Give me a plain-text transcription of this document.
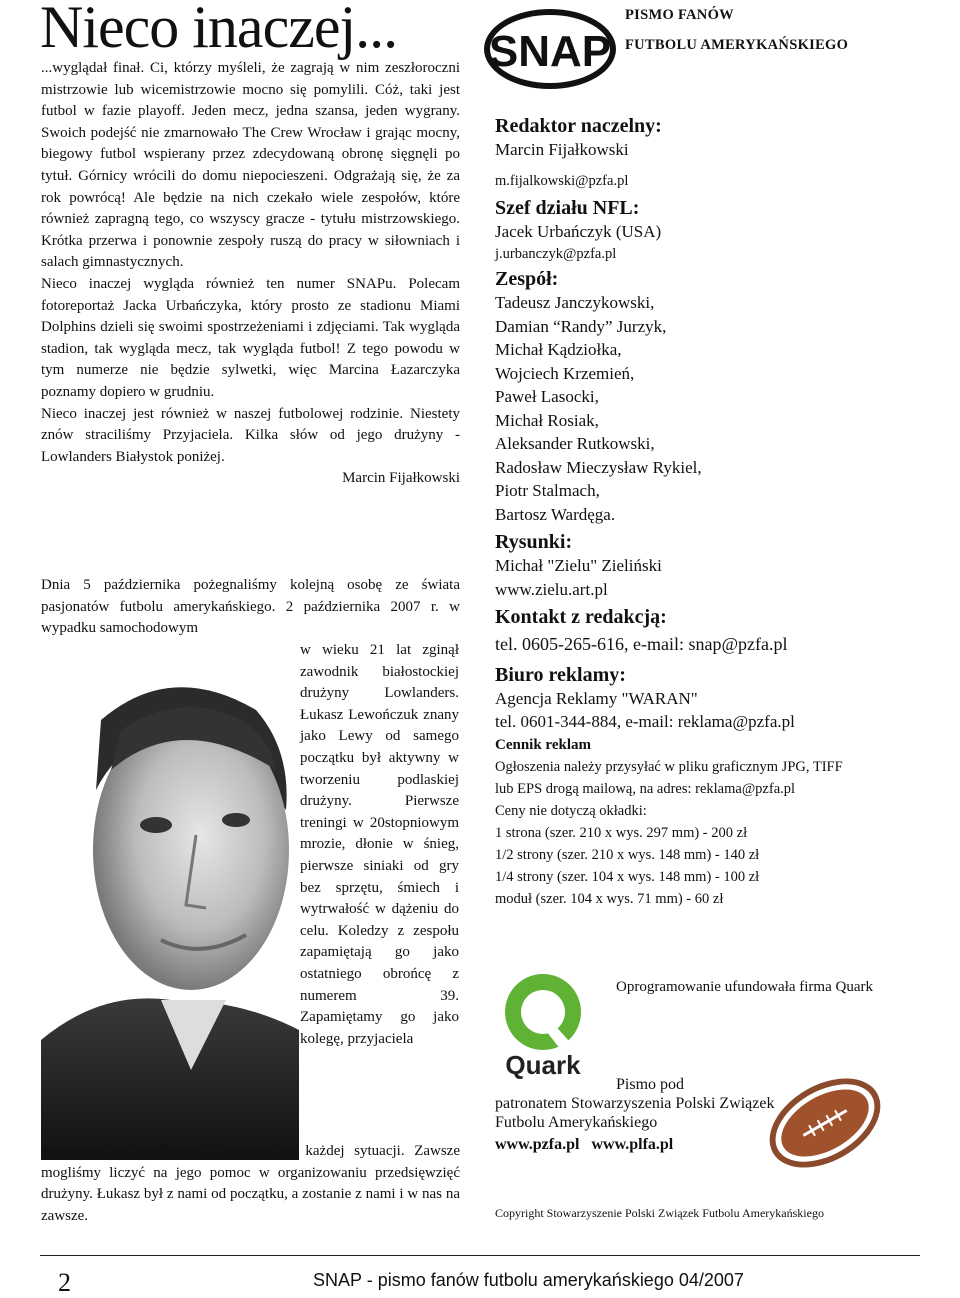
Nieco inaczej...

...wyglądał finał. Ci, którzy myśleli, że zagrają w nim zeszłoroczni mistrzowie lub wicemistrzowie mocno się pomylili. Cóż, taki jest futbol w fazie playoff. Jeden mecz, jedna szansa, jeden wygrany. Swoich podejść nie zmarnowało The Crew Wrocław i grając mocny, biegowy futbol wspierany przez zdecydowaną obronę sięgnęli po tytuł. Górnicy wrócili do domu niepocieszeni. Odgrażają się, że za rok powrócą! Ale będzie na nich czekało wiele zespołów, które również zapragną tego, co wszyscy gracze - tytułu mistrzowskiego. Krótka przerwa i ponownie zespoły ruszą do pracy w siłowniach i salach gimnastycznych.

Nieco inaczej wygląda również ten numer SNAPu. Polecam fotoreportaż Jacka Urbańczyka, który prosto ze stadionu Miami Dolphins dzieli się swoimi spostrzeżeniami i zdjęciami. Tak wygląda stadion, tak wygląda mecz, tak wygląda futbol! Z tego powodu w tym numerze nie będzie sylwetki, więc Marcina Łazarczyka poznamy dopiero w grudniu.

Nieco inaczej jest również w naszej futbolowej rodzinie. Niestety znów straciliśmy Przyjaciela. Kilka słów od jego drużyny - Lowlanders Białystok poniżej.

Marcin Fijałkowski

Dnia 5 października pożegnaliśmy kolejną osobę ze świata pasjonatów futbolu amerykańskiego. 2 października 2007 r. w wypadku samochodowym
w wieku 21 lat zginął zawodnik białostockiej drużyny Lowlanders. Łukasz Lewończuk znany jako Lewy od samego początku był aktywny w tworzeniu podlaskiej drużyny. Pierwsze treningi w 20stopniowym mrozie, dłonie w śnieg, pierwsze siniaki od gry bez sprzętu, śmiech i wytrwałość w dążeniu do celu. Koledzy z zespołu zapamiętają go jako ostatniego obrońcę z numerem 39. Zapamiętamy go jako kolegę, przyjaciela
gotowego do współpracy i pomocy w każdej sytuacji. Zawsze mogliśmy liczyć na jego pomoc w organizowaniu przedsięwzięć drużyny. Łukasz był z nami od początku, a zostanie z nami i w nas na zawsze.
SNAP
PISMO FANÓW
FUTBOLU AMERYKAŃSKIEGO

Redaktor naczelny:

Marcin Fijałkowski

m.fijalkowski@pzfa.pl

Szef działu NFL:

Jacek Urbańczyk (USA)

j.urbanczyk@pzfa.pl

Zespół:

Tadeusz Janczykowski,

Damian “Randy” Jurzyk,

Michał Kądziołka,

Wojciech Krzemień,

Paweł Lasocki,

Michał Rosiak,

Aleksander Rutkowski,

Radosław Mieczysław Rykiel,

Piotr Stalmach,

Bartosz Wardęga.

Rysunki:

Michał "Zielu" Zieliński

www.zielu.art.pl

Kontakt z redakcją:

tel. 0605-265-616, e-mail: snap@pzfa.pl

Biuro reklamy:

Agencja Reklamy "WARAN"

tel. 0601-344-884, e-mail: reklama@pzfa.pl

Cennik reklam

Ogłoszenia należy przysyłać w pliku graficznym JPG, TIFF lub EPS drogą mailową, na adres: reklama@pzfa.pl

Ceny nie dotyczą okładki:

1 strona (szer. 210 x wys. 297 mm) - 200 zł

1/2 strony (szer. 210 x wys. 148 mm) - 140 zł

1/4 strony (szer. 104 x wys. 148 mm) - 100 zł

moduł (szer. 104 x wys. 71 mm) - 60 zł

Quark
Oprogramowanie ufundowała firma Quark
Pismo pod
patronatem Stowarzyszenia Polski Związek Futbolu Amerykańskiego
www.pzfa.pl www.plfa.pl
Copyright Stowarzyszenie Polski Związek Futbolu Amerykańskiego
2	SNAP - pismo fanów futbolu amerykańskiego 04/2007
